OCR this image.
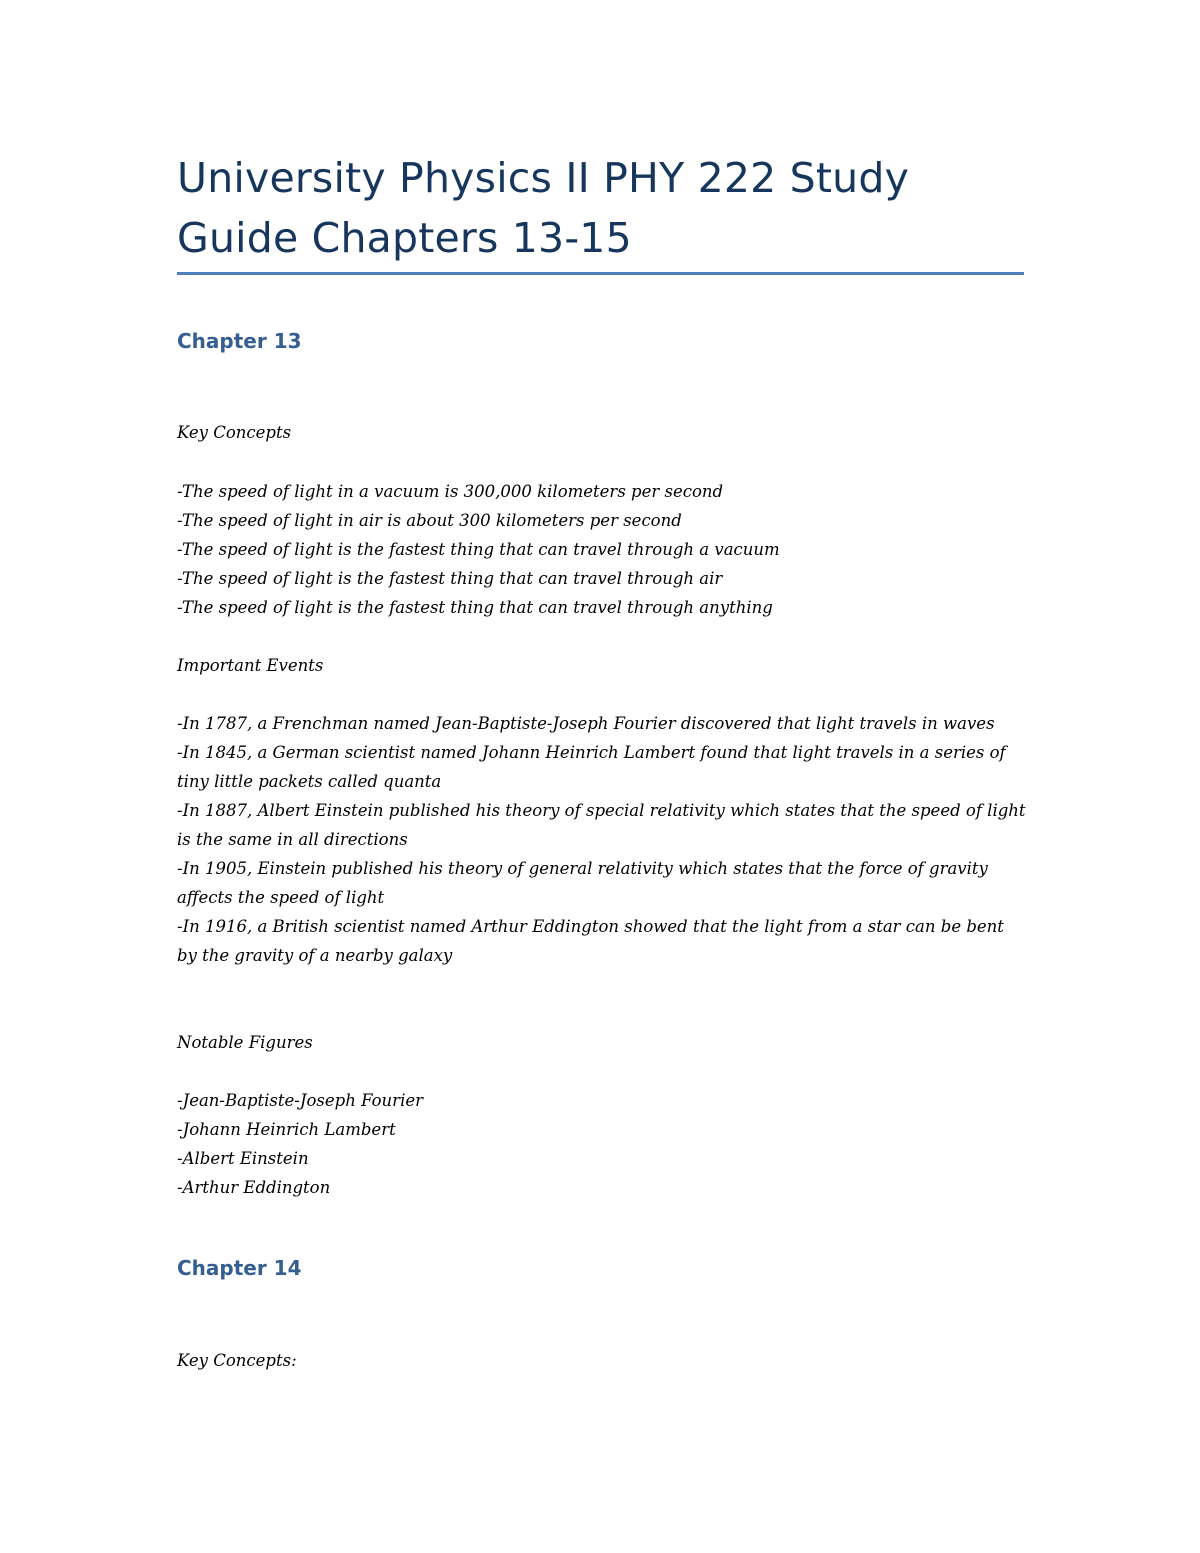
University Physics II PHY 222 Study Guide Chapters 13-15
Chapter 13

Key Concepts

-The speed of light in a vacuum is 300,000 kilometers per second
-The speed of light in air is about 300 kilometers per second
-The speed of light is the fastest thing that can travel through a vacuum
-The speed of light is the fastest thing that can travel through air
-The speed of light is the fastest thing that can travel through anything

Important Events

-In 1787, a Frenchman named Jean-Baptiste-Joseph Fourier discovered that light travels in waves
-In 1845, a German scientist named Johann Heinrich Lambert found that light travels in a series of tiny little packets called quanta
-In 1887, Albert Einstein published his theory of special relativity which states that the speed of light is the same in all directions
-In 1905, Einstein published his theory of general relativity which states that the force of gravity affects the speed of light
-In 1916, a British scientist named Arthur Eddington showed that the light from a star can be bent by the gravity of a nearby galaxy

Notable Figures

-Jean-Baptiste-Joseph Fourier
-Johann Heinrich Lambert
-Albert Einstein
-Arthur Eddington
Chapter 14

Key Concepts:
